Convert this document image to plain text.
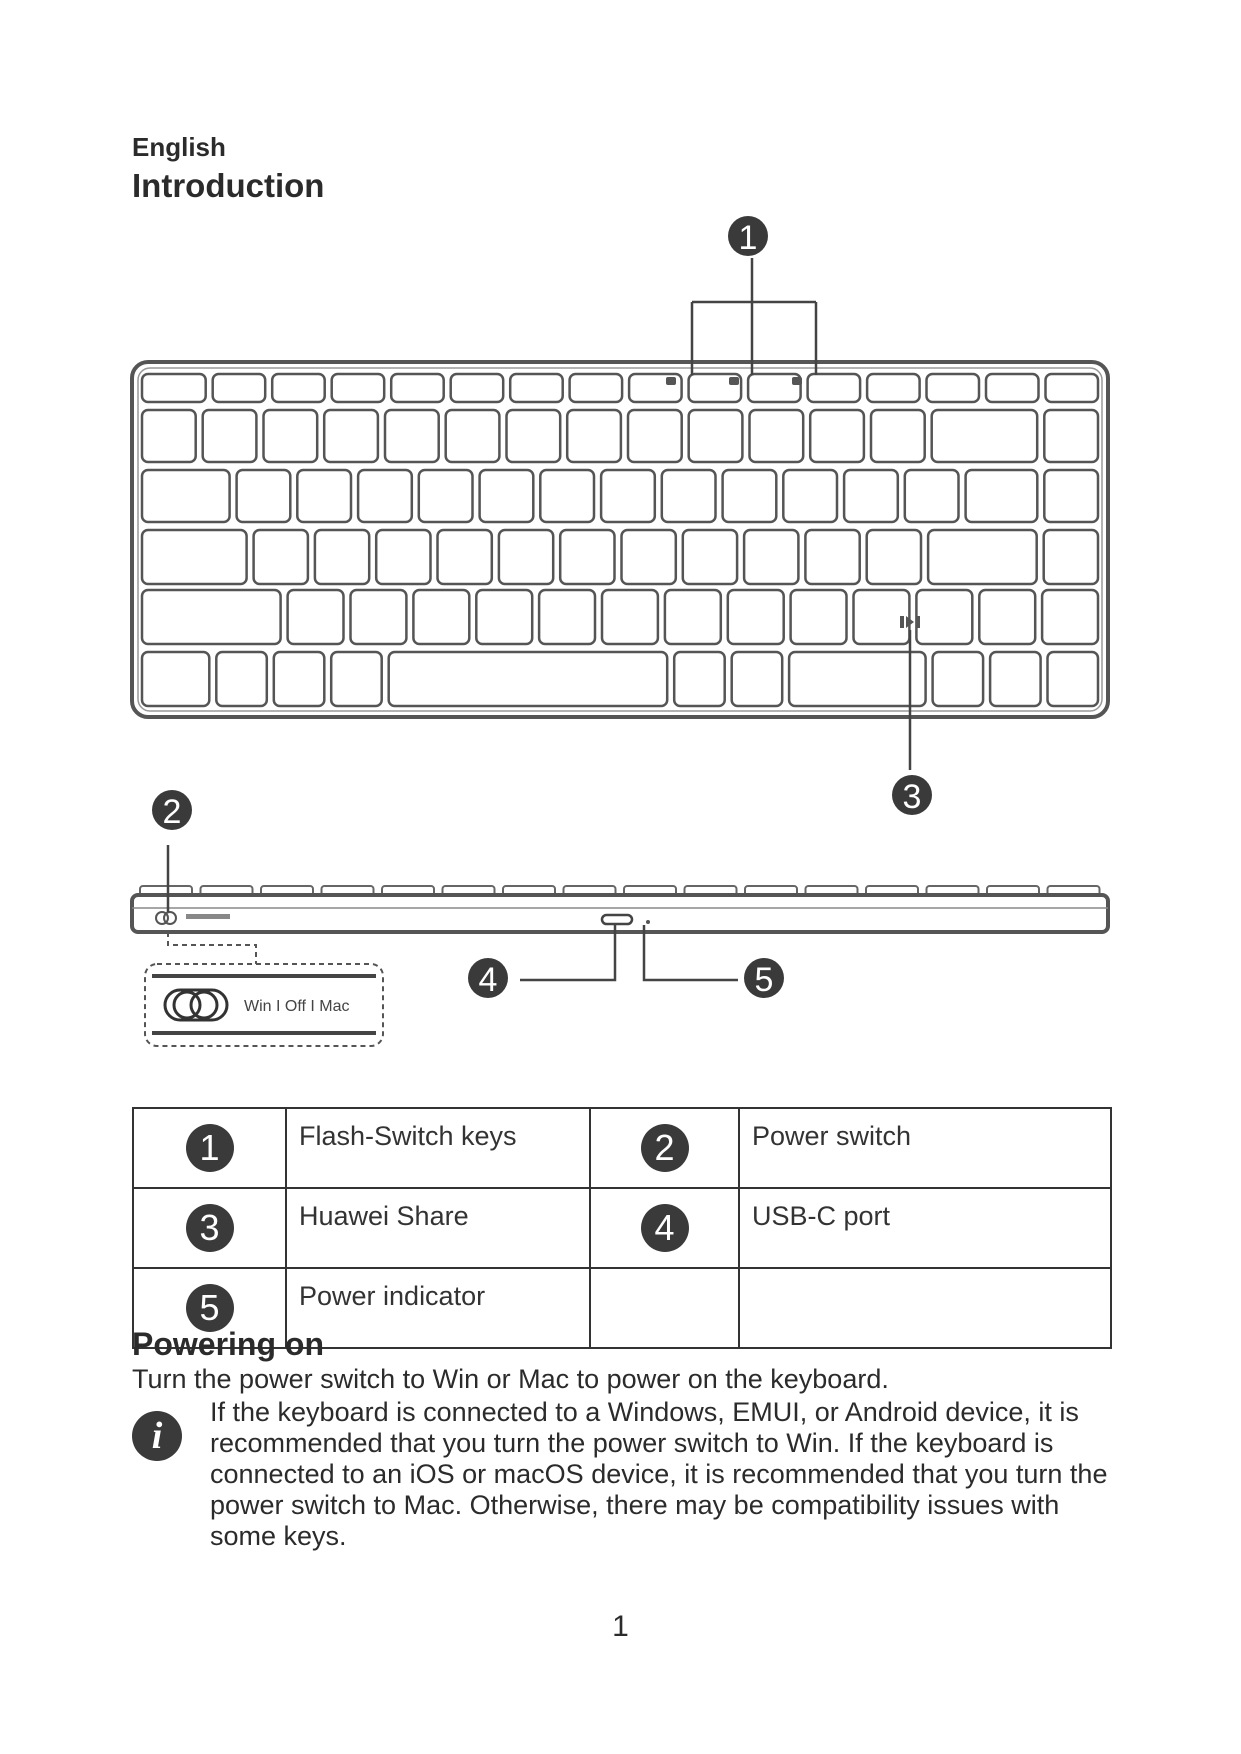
English
Introduction
Win I Off I Mac
1
2	3
4	5
1	Flash-Switch keys	2	Power switch
3	Huawei Share	4	USB-C port
5	Power indicator		
Powering on
Turn the power switch to Win or Mac to power on the keyboard.
i

If the keyboard is connected to a Windows, EMUI, or Android device, it is recommended that you turn the power switch to Win. If the keyboard is connected to an iOS or macOS device, it is recommended that you turn the power switch to Mac. Otherwise, there may be compatibility issues with some keys.

1
